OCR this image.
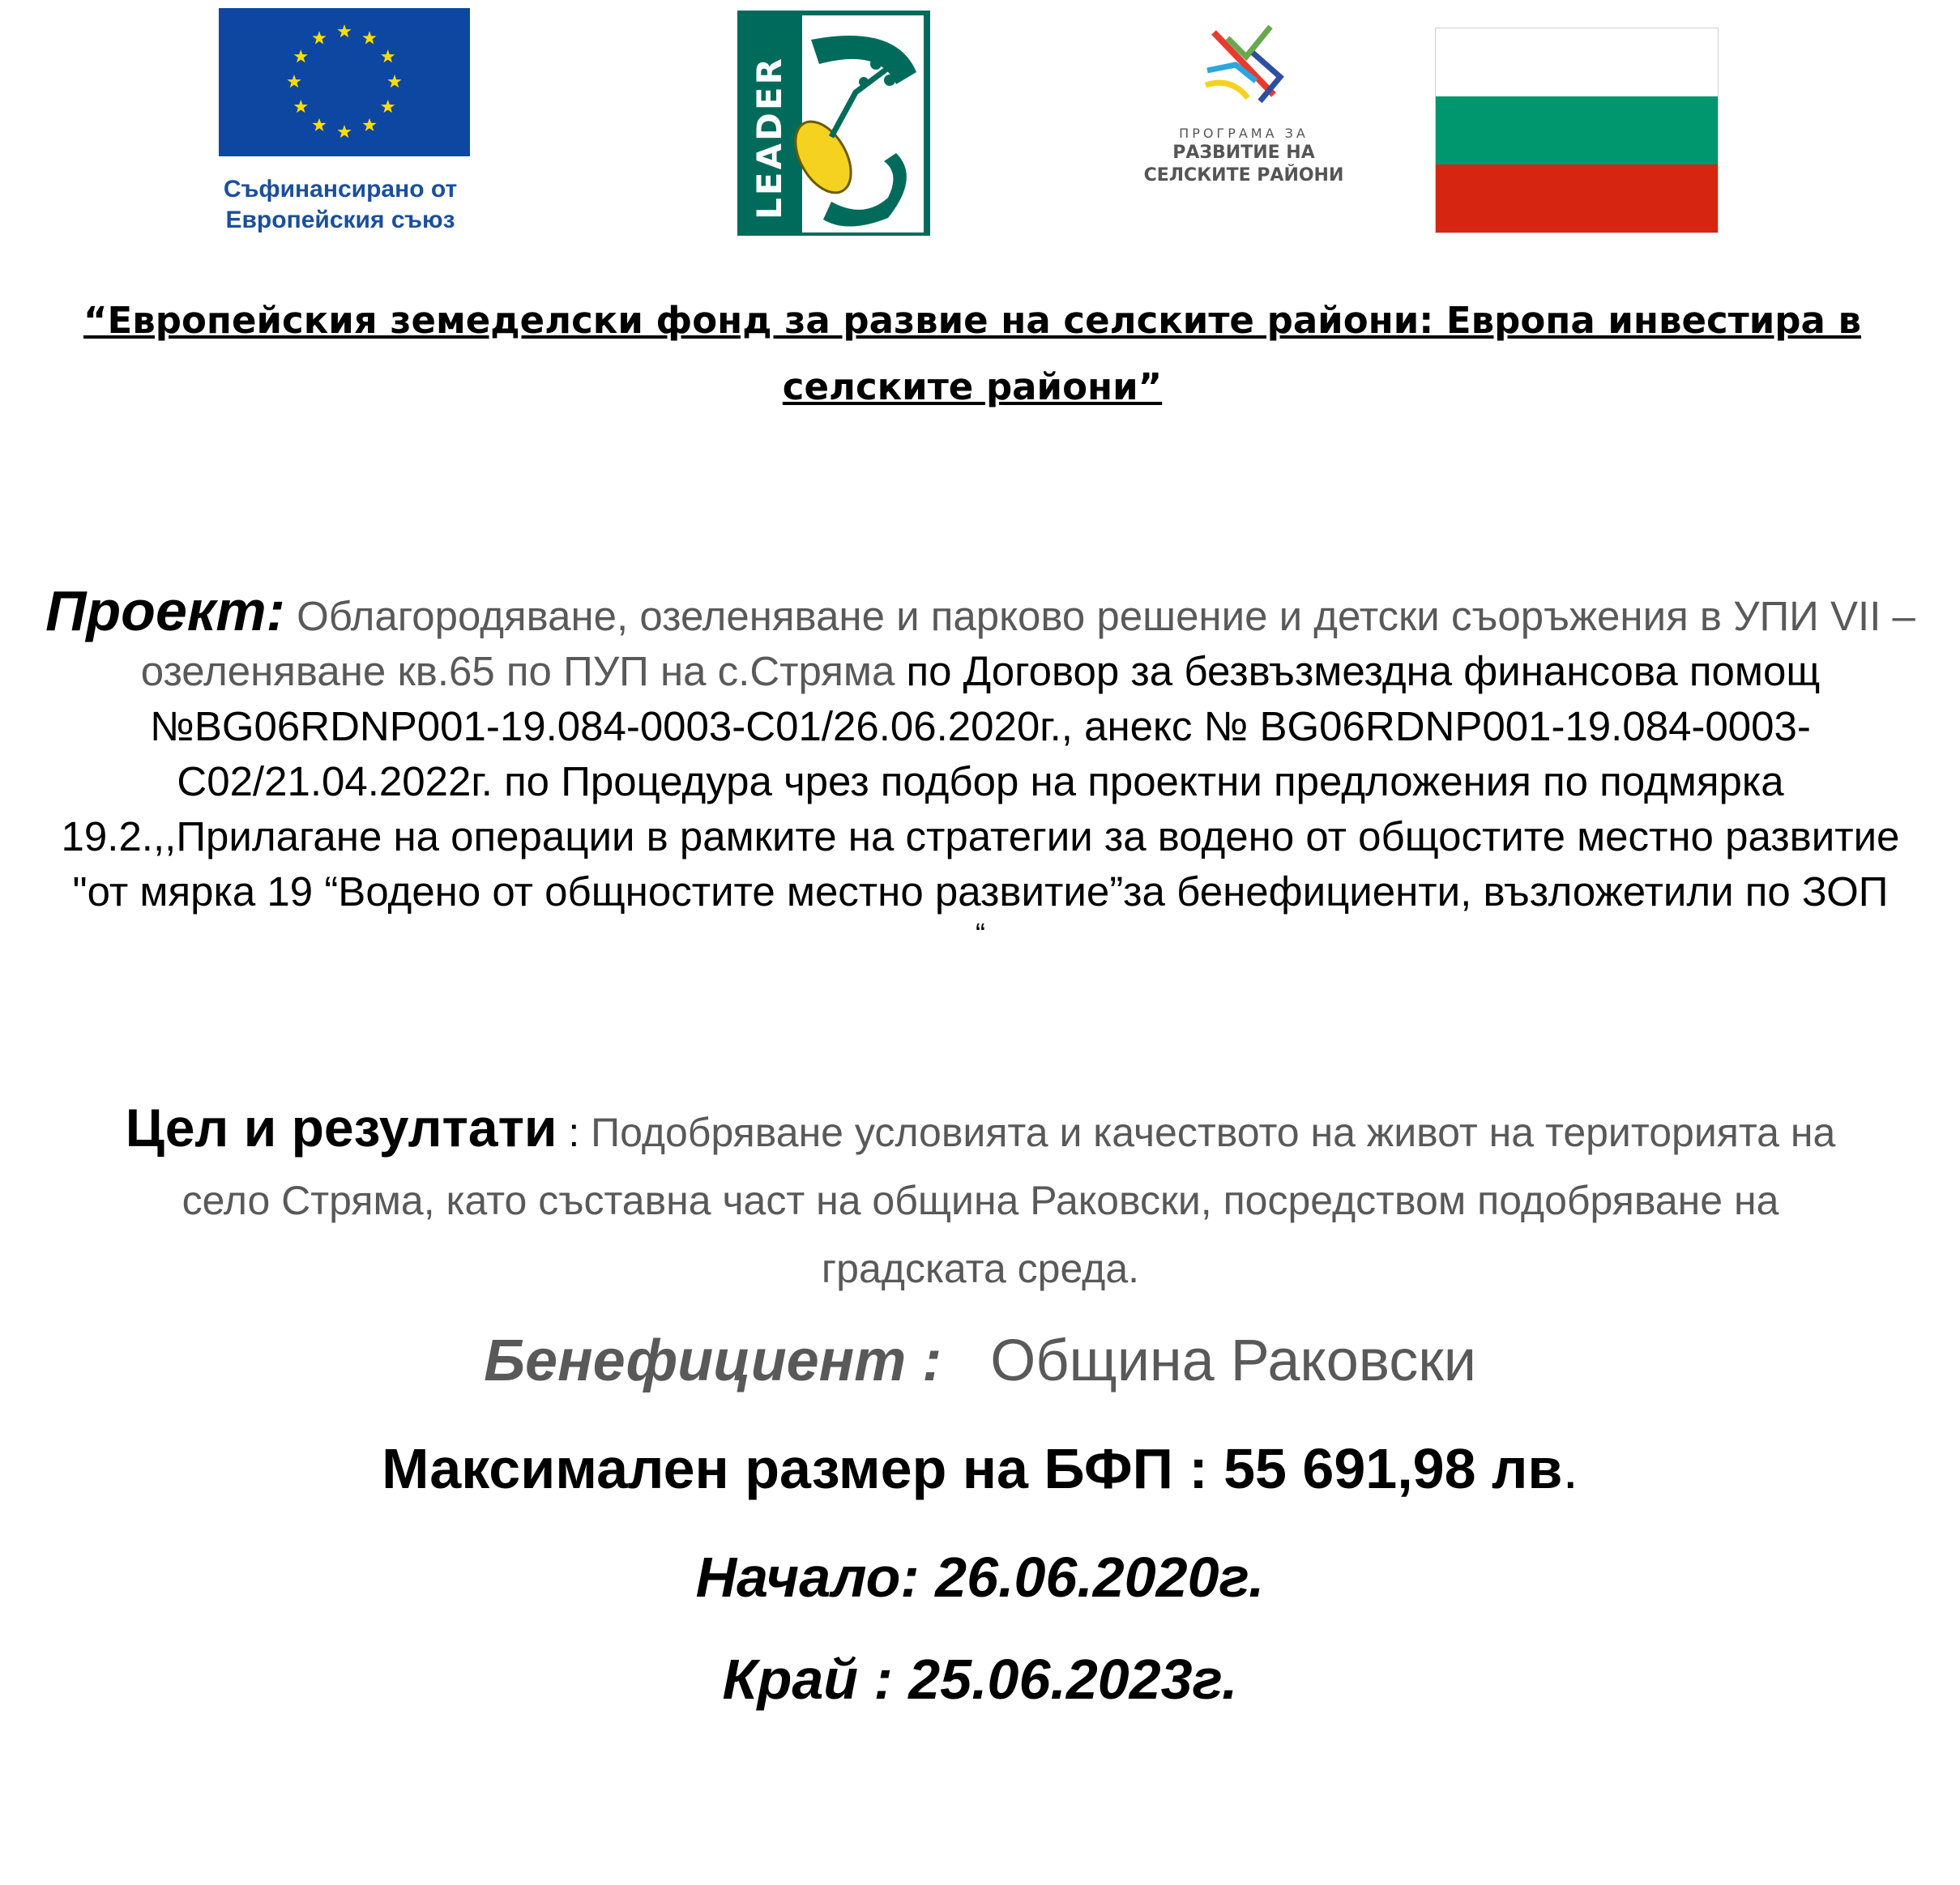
Съфинансирано от
Европейския съюз
LEADER	ПРОГРАМА ЗА
РАЗВИТИЕ НА
СЕЛСКИТЕ РАЙОНИ
“Европейския земеделски фонд за развие на селските райони: Европа инвестира в
селските райони”
Проект: Облагородяване, озеленяване и парково решение и детски съоръжения в УПИ VII – озеленяване кв.65 по ПУП на с.Стряма по Договор за безвъзмездна финансова помощ №BG06RDNP001-19.084-0003-C01/26.06.2020г., анекс № BG06RDNP001-19.084-0003-C02/21.04.2022г. по Процедура чрез подбор на проектни предложения по подмярка 19.2.,,Прилагане на операции в рамките на стратегии за водено от общостите местно развитие "от мярка 19 “Водено от общностите местно развитие”за бенефициенти, възложетили по ЗОП
“
Цел и резултати : Подобряване условията и качеството на живот на територията на село Стряма, като съставна част на община Раковски, посредством подобряване на градската среда.
Бенефициент : Община Раковски
Максимален размер на БФП : 55 691,98 лв.
Начало: 26.06.2020г.
Край : 25.06.2023г.
